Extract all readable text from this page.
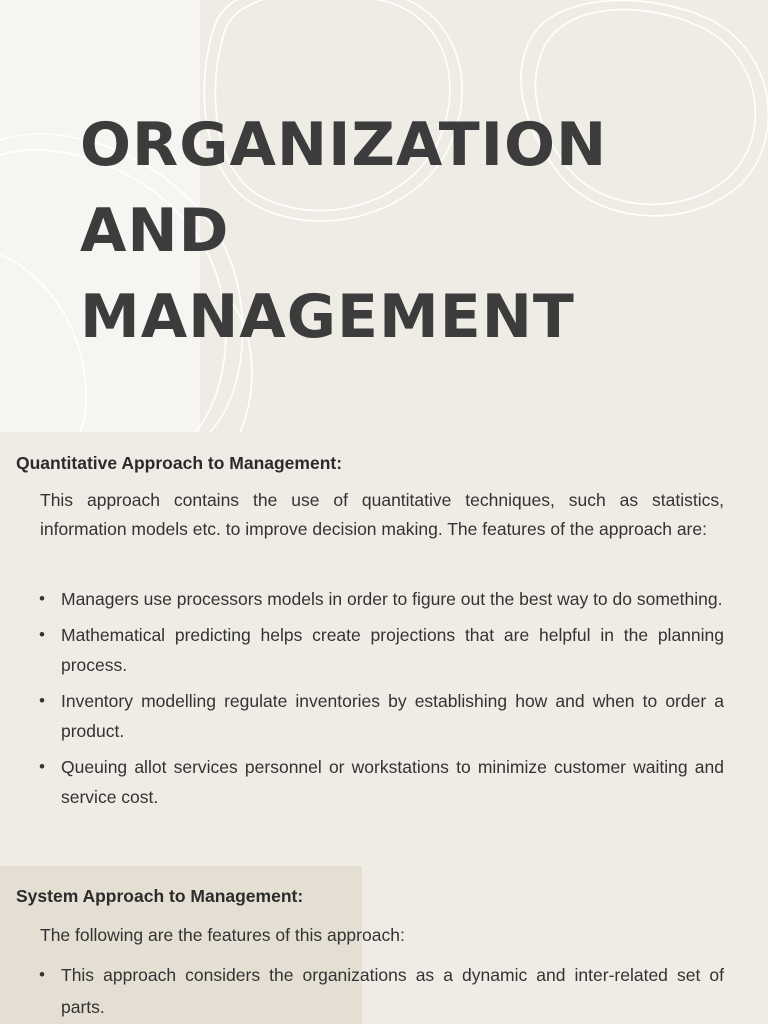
ORGANIZATION
AND
MANAGEMENT
Quantitative Approach to Management:

This approach contains the use of quantitative techniques, such as statistics, information models etc. to improve decision making. The features of the approach are:

• Managers use processors models in order to figure out the best way to do something.
• Mathematical predicting helps create projections that are helpful in the planning process.
• Inventory modelling regulate inventories by establishing how and when to order a product.
• Queuing allot services personnel or workstations to minimize customer waiting and service cost.
System Approach to Management:

The following are the features of this approach:

• This approach considers the organizations as a dynamic and inter-related set of parts.
